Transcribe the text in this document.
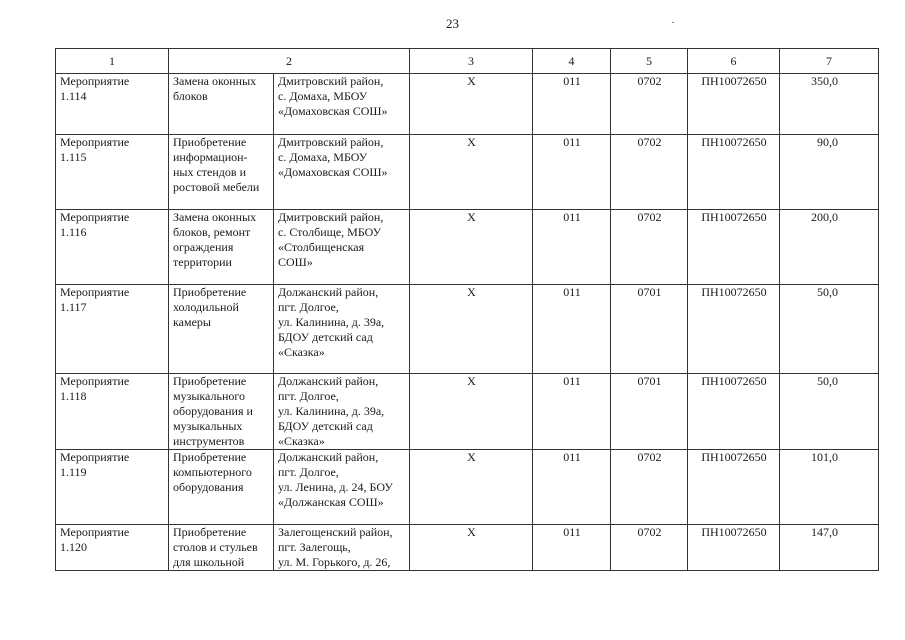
23
1	2		3	4	5	6	7
Мероприятие
1.114	Замена оконных
блоков	Дмитровский район,
с. Домаха, МБОУ
«Домаховская СОШ»	X	011	0702	ПН10072650	350,0
Мероприятие
1.115	Приобретение
информацион-
ных стендов и
ростовой мебели	Дмитровский район,
с. Домаха, МБОУ
«Домаховская СОШ»	X	011	0702	ПН10072650	90,0
Мероприятие
1.116	Замена оконных
блоков, ремонт
ограждения
территории	Дмитровский район,
с. Столбище, МБОУ
«Столбищенская
СОШ»	X	011	0702	ПН10072650	200,0
Мероприятие
1.117	Приобретение
холодильной
камеры	Должанский район,
пгт. Долгое,
ул. Калинина, д. 39а,
БДОУ детский сад
«Сказка»	X	011	0701	ПН10072650	50,0
Мероприятие
1.118	Приобретение
музыкального
оборудования и
музыкальных
инструментов	Должанский район,
пгт. Долгое,
ул. Калинина, д. 39а,
БДОУ детский сад
«Сказка»	X	011	0701	ПН10072650	50,0
Мероприятие
1.119	Приобретение
компьютерного
оборудования	Должанский район,
пгт. Долгое,
ул. Ленина, д. 24, БОУ
«Должанская СОШ»	X	011	0702	ПН10072650	101,0
Мероприятие
1.120	Приобретение
столов и стульев
для школьной	Залегощенский район,
пгт. Залегощь,
ул. М. Горького, д. 26,	X	011	0702	ПН10072650	147,0
